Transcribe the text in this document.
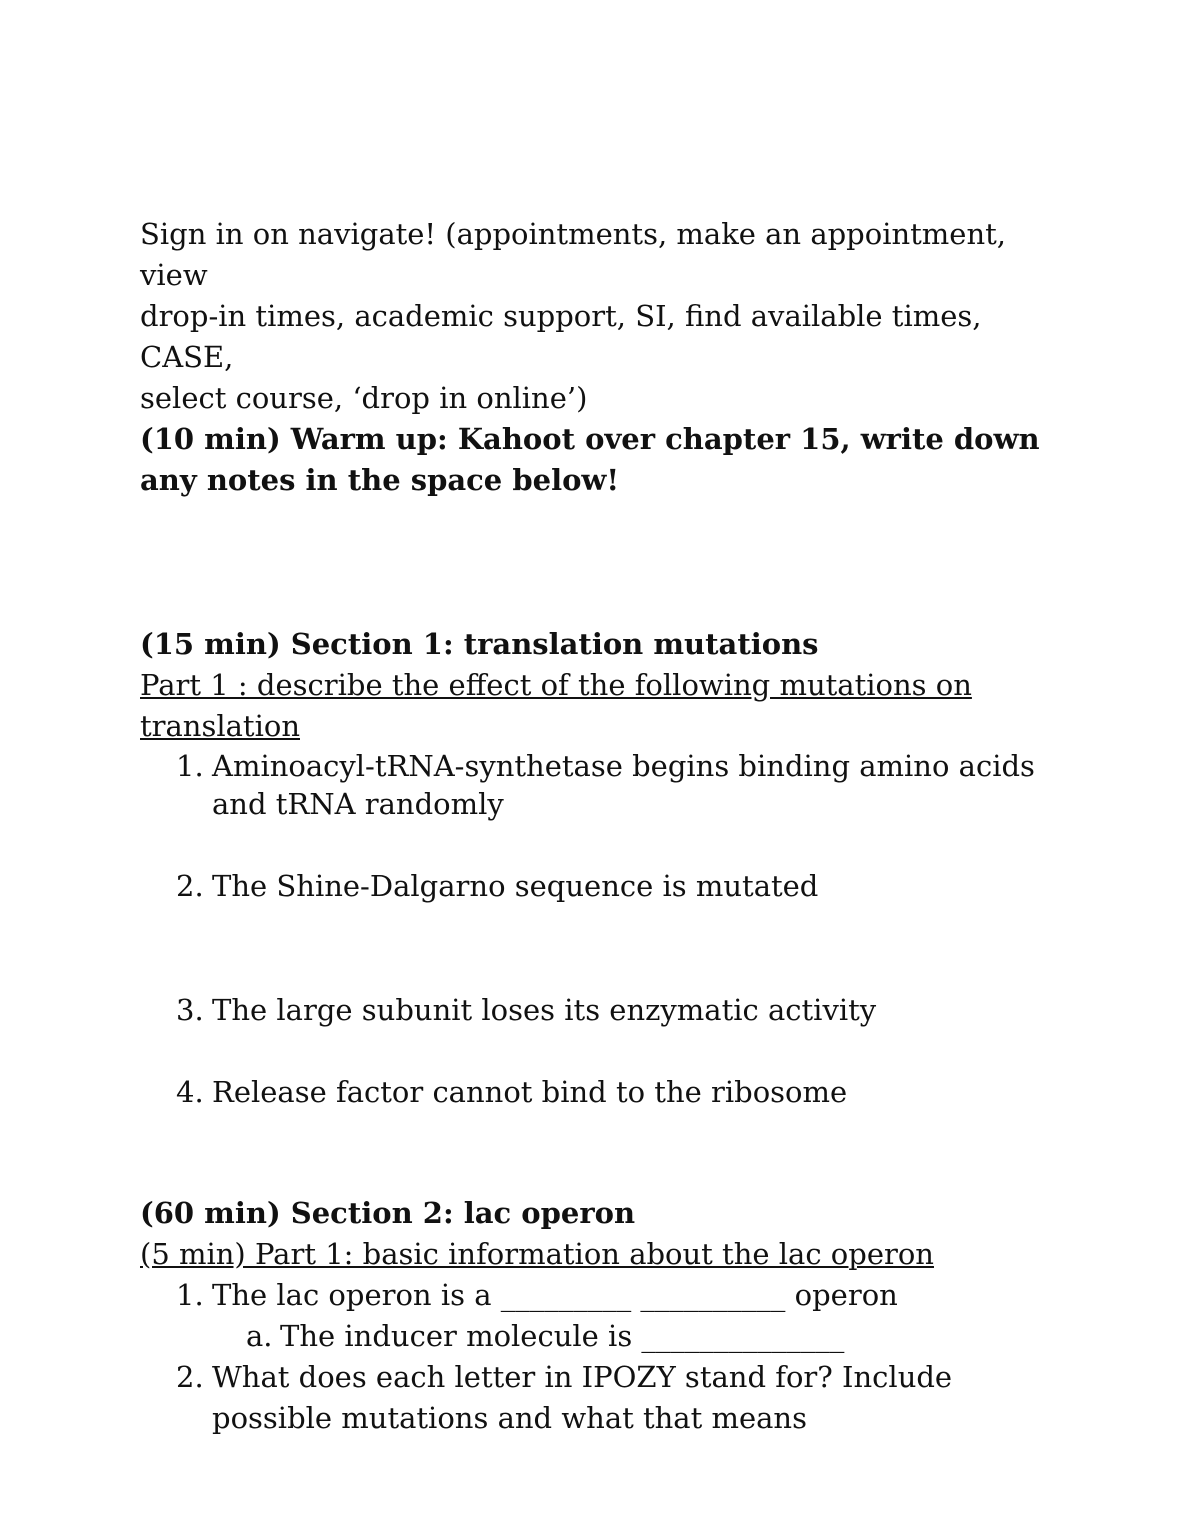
Sign in on navigate! (appointments, make an appointment, view
drop-in times, academic support, SI, find available times, CASE,
select course, ‘drop in online’)

(10 min) Warm up: Kahoot over chapter 15, write down any notes in the space below!

(15 min) Section 1: translation mutations

Part 1 : describe the effect of the following mutations on translation

1. Aminoacyl-tRNA-synthetase begins binding amino acids and tRNA randomly
2. The Shine-Dalgarno sequence is mutated
3. The large subunit loses its enzymatic activity
4. Release factor cannot bind to the ribosome

(60 min) Section 2: lac operon

(5 min) Part 1: basic information about the lac operon

1. The lac operon is a _________ __________ operon
a. The inducer molecule is ______________
2. What does each letter in IPOZY stand for? Include possible mutations and what that means
